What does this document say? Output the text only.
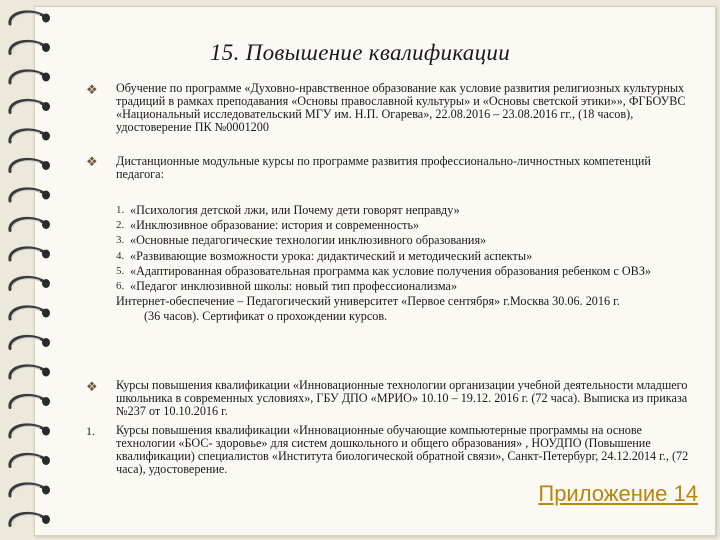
15. Повышение квалификации
❖ Обучение по программе «Духовно-нравственное образование как условие развития религиозных культурных традиций в рамках преподавания «Основы православной культуры» и «Основы светской этики»», ФГБОУВС «Национальный исследовательский МГУ им. Н.П. Огарева», 22.08.2016 – 23.08.2016 гг., (18 часов), удостоверение ПК №0001200
❖ Дистанционные модульные курсы по программе развития профессионально-личностных компетенций педагога:
1. «Психология детской лжи, или Почему дети говорят неправду»
2. «Инклюзивное образование: история и современность»
3. «Основные педагогические технологии инклюзивного образования»
4. «Развивающие возможности урока: дидактический и методический аспекты»
5. «Адаптированная образовательная программа как условие получения образования ребенком с ОВЗ»
6. «Педагог инклюзивной школы: новый тип профессионализма»
Интернет-обеспечение – Педагогический университет «Первое сентября» г.Москва 30.06. 2016 г.
(36 часов). Сертификат о прохождении курсов.
❖ Курсы повышения квалификации «Инновационные технологии организации учебной деятельности младшего школьника в современных условиях», ГБУ ДПО «МРИО» 10.10 – 19.12. 2016 г. (72 часа). Выписка из приказа №237 от 10.10.2016 г.
1. Курсы повышения квалификации «Инновационные обучающие компьютерные программы на основе технологии «БОС- здоровье» для систем дошкольного и общего образования» , НОУДПО (Повышение квалификации) специалистов «Института биологической обратной связи», Санкт-Петербург, 24.12.2014 г., (72 часа), удостоверение.
Приложение 14
